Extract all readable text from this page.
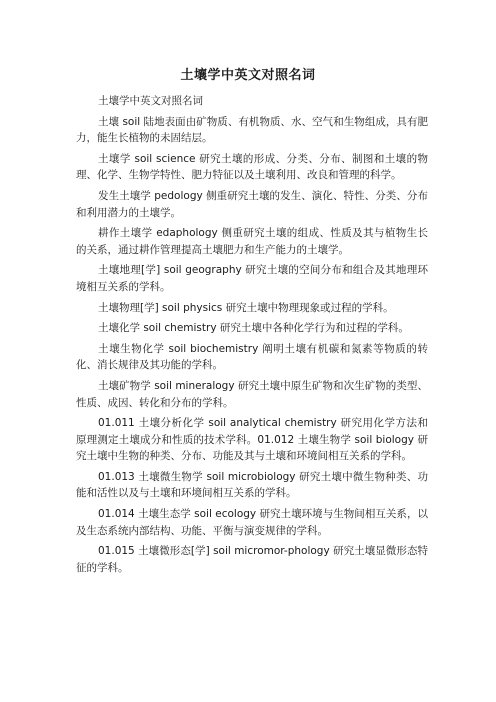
土壤学中英文对照名词

土壤学中英文对照名词

土壤 soil 陆地表面由矿物质、有机物质、水、空气和生物组成，具有肥力，能生长植物的未固结层。

土壤学 soil science 研究土壤的形成、分类、分布、制图和土壤的物理、化学、生物学特性、肥力特征以及土壤利用、改良和管理的科学。

发生土壤学 pedology 侧重研究土壤的发生、演化、特性、分类、分布和利用潜力的土壤学。

耕作土壤学 edaphology 侧重研究土壤的组成、性质及其与植物生长的关系，通过耕作管理提高土壤肥力和生产能力的土壤学。

土壤地理[学] soil geography 研究土壤的空间分布和组合及其地理环境相互关系的学科。

土壤物理[学] soil physics 研究土壤中物理现象或过程的学科。

土壤化学 soil chemistry 研究土壤中各种化学行为和过程的学科。

土壤生物化学 soil biochemistry 阐明土壤有机碳和氮素等物质的转化、消长规律及其功能的学科。

土壤矿物学 soil mineralogy 研究土壤中原生矿物和次生矿物的类型、性质、成因、转化和分布的学科。

01.011 土壤分析化学 soil analytical chemistry 研究用化学方法和原理测定土壤成分和性质的技术学科。01.012 土壤生物学 soil biology 研究土壤中生物的种类、分布、功能及其与土壤和环境间相互关系的学科。

01.013 土壤微生物学 soil microbiology 研究土壤中微生物种类、功能和活性以及与土壤和环境间相互关系的学科。

01.014 土壤生态学 soil ecology 研究土壤环境与生物间相互关系，以及生态系统内部结构、功能、平衡与演变规律的学科。

01.015 土壤微形态[学] soil micromor-phology 研究土壤显微形态特征的学科。
